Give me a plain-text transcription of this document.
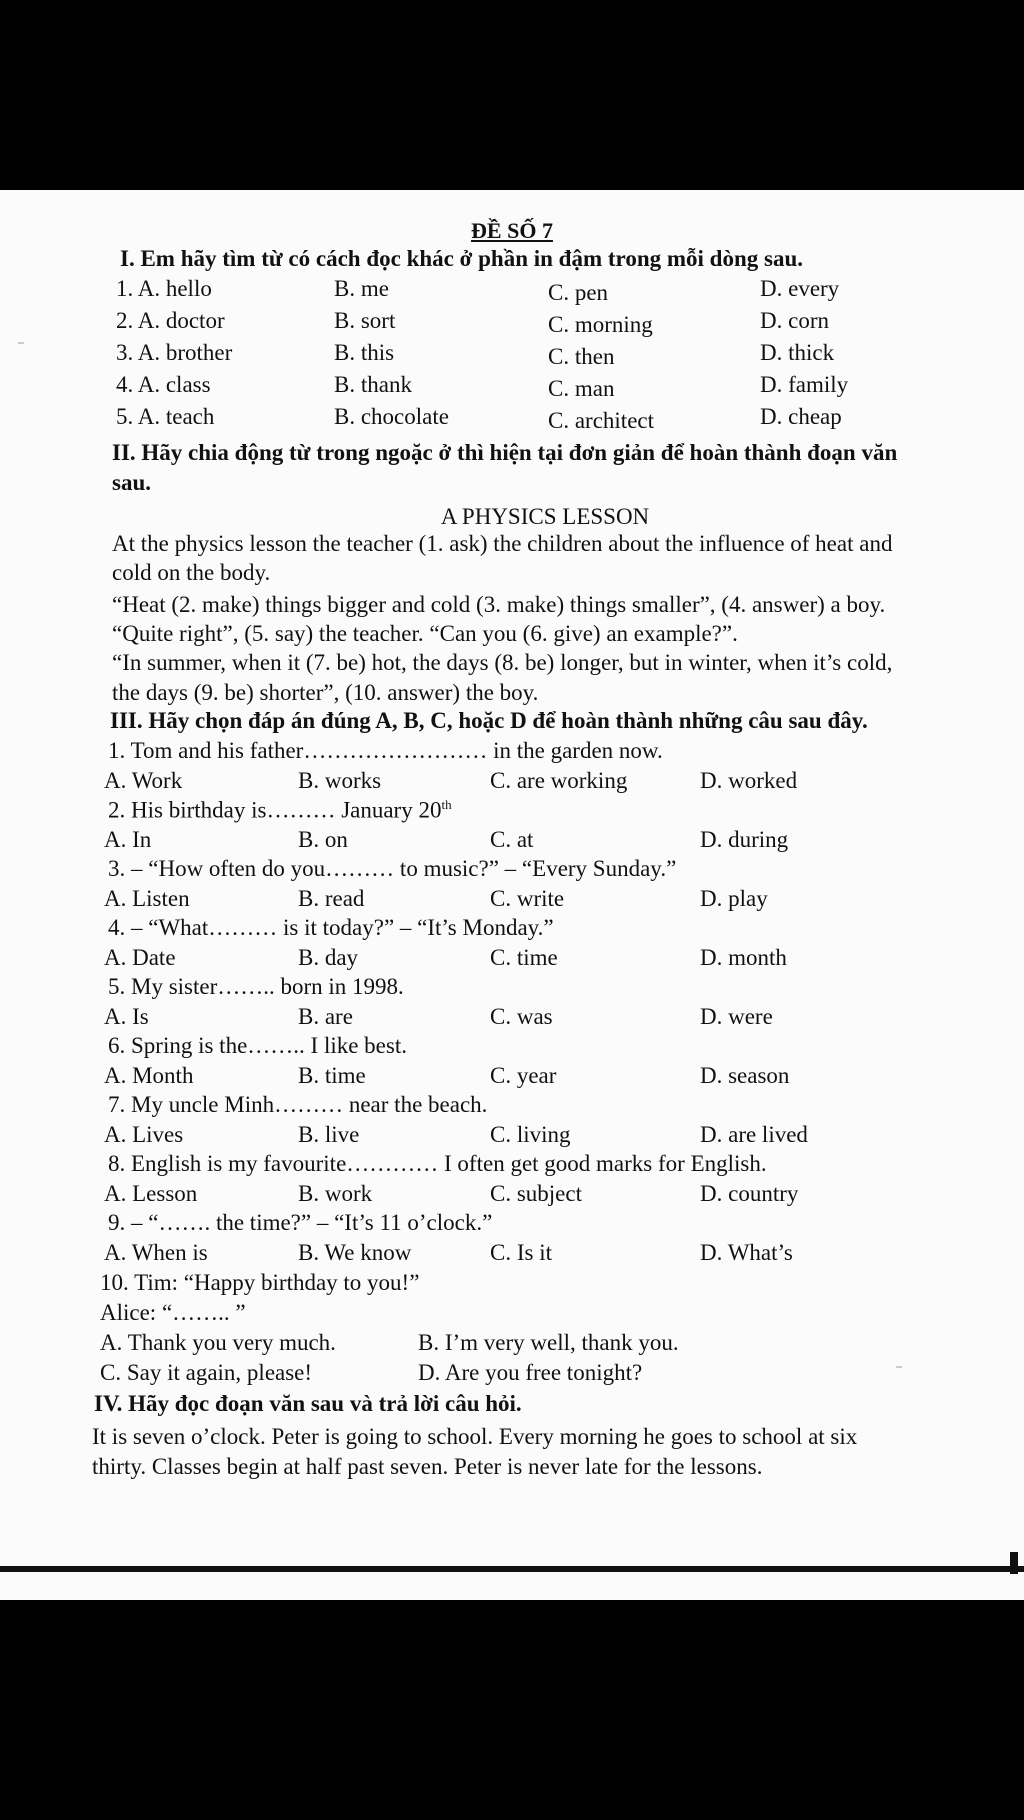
ĐỀ SỐ 7
I. Em hãy tìm từ có cách đọc khác ở phần in đậm trong mỗi dòng sau.
1. A. hello	B. me	C. pen	D. every
2. A. doctor	B. sort	C. morning	D. corn
3. A. brother	B. this	C. then	D. thick
4. A. class	B. thank	C. man	D. family
5. A. teach	B. chocolate	C. architect	D. cheap
II. Hãy chia động từ trong ngoặc ở thì hiện tại đơn giản để hoàn thành đoạn văn
sau.
A PHYSICS LESSON
At the physics lesson the teacher (1. ask) the children about the influence of heat and
cold on the body.
“Heat (2. make) things bigger and cold (3. make) things smaller”, (4. answer) a boy.
“Quite right”, (5. say) the teacher. “Can you (6. give) an example?”.
“In summer, when it (7. be) hot, the days (8. be) longer, but in winter, when it’s cold,
the days (9. be) shorter”, (10. answer) the boy.
III. Hãy chọn đáp án đúng A, B, C, hoặc D để hoàn thành những câu sau đây.
1. Tom and his father…………………… in the garden now.
A. Work	B. works	C. are working	D. worked
2. His birthday is……… January 20th
A. In	B. on	C. at	D. during
3. – “How often do you……… to music?” – “Every Sunday.”
A. Listen	B. read	C. write	D. play
4. – “What……… is it today?” – “It’s Monday.”
A. Date	B. day	C. time	D. month
5. My sister…….. born in 1998.
A. Is	B. are	C. was	D. were
6. Spring is the…….. I like best.
A. Month	B. time	C. year	D. season
7. My uncle Minh……… near the beach.
A. Lives	B. live	C. living	D. are lived
8. English is my favourite………… I often get good marks for English.
A. Lesson	B. work	C. subject	D. country
9. – “……. the time?” – “It’s 11 o’clock.”
A. When is	B. We know	C. Is it	D. What’s
10. Tim: “Happy birthday to you!”
Alice: “…….. ”
A. Thank you very much.	B. I’m very well, thank you.
C. Say it again, please!	D. Are you free tonight?
IV. Hãy đọc đoạn văn sau và trả lời câu hỏi.
It is seven o’clock. Peter is going to school. Every morning he goes to school at six
thirty. Classes begin at half past seven. Peter is never late for the lessons.
